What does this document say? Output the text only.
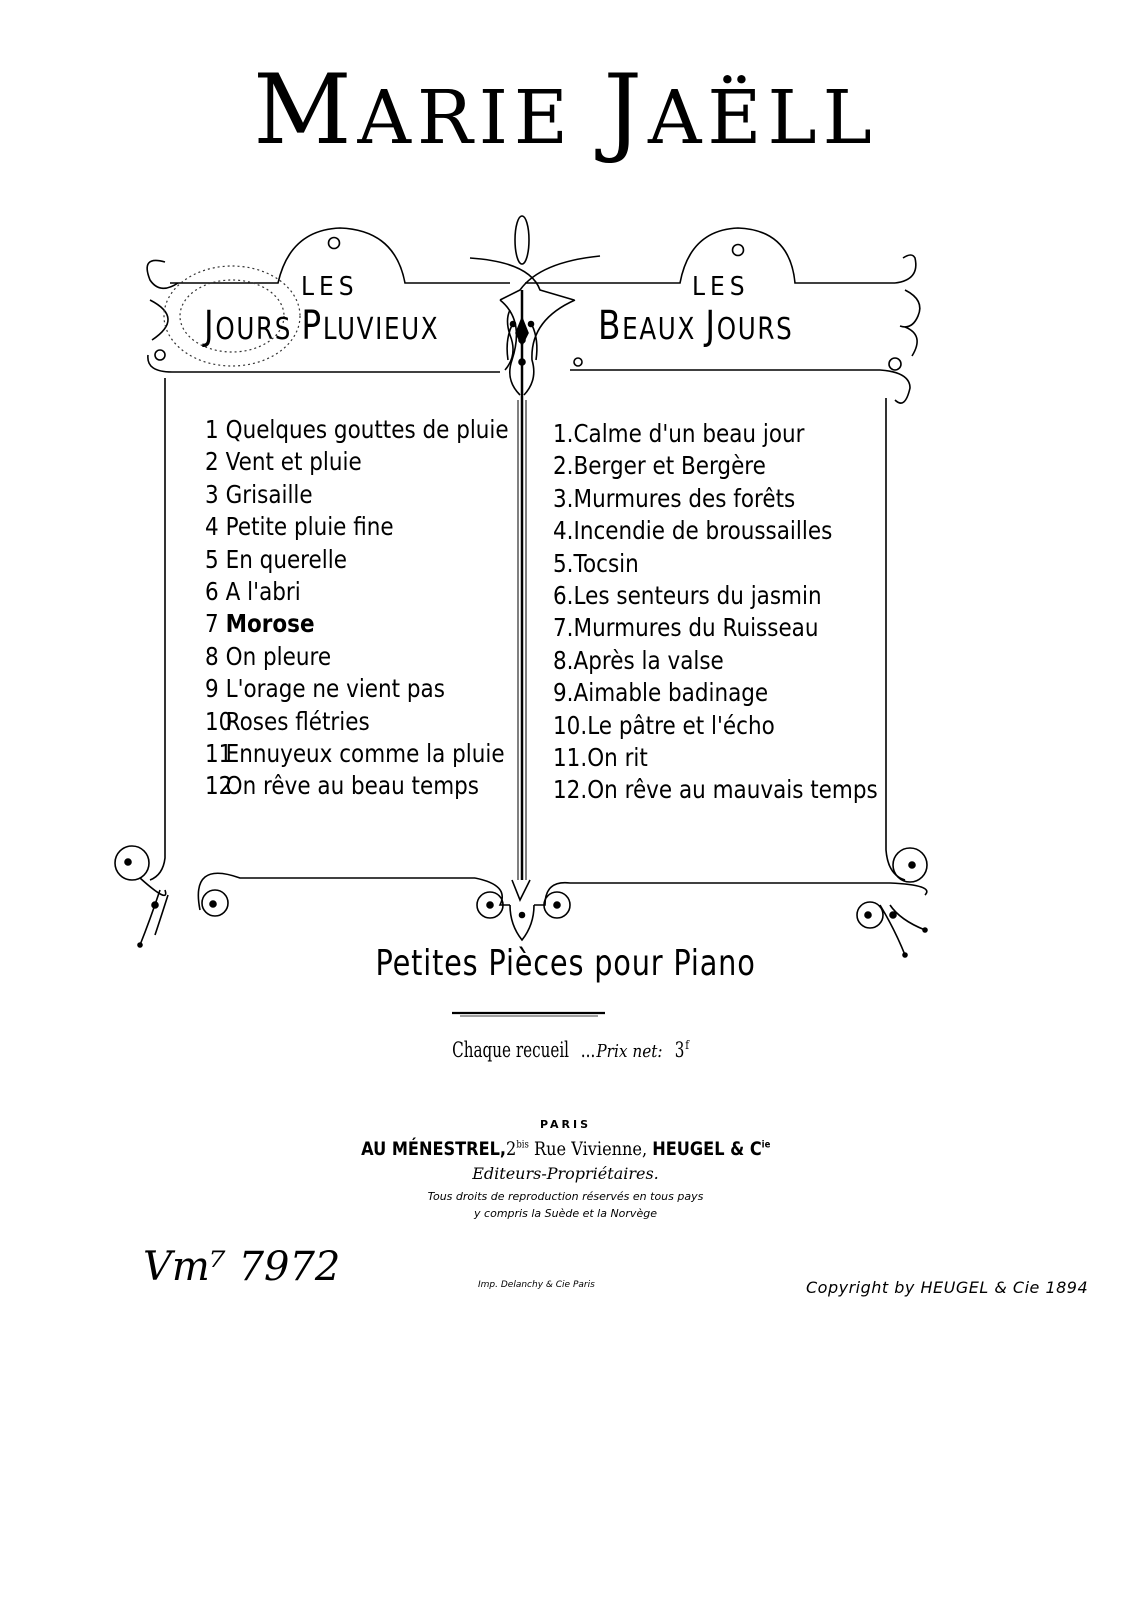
MARIE JAËLL
LES
JOURS PLUVIEUX
LES
BEAUX JOURS
1 Quelques gouttes de pluie
2 Vent et pluie
3 Grisaille
4 Petite pluie fine
5 En querelle
6 A l'abri
7 Morose
8 On pleure
9 L'orage ne vient pas
10
Roses flétries
11
Ennuyeux comme la pluie
12
On rêve au beau temps
1. Calme d'un beau jour
2. Berger et Bergère
3. Murmures des forêts
4. Incendie de broussailles
5. Tocsin
6. Les senteurs du jasmin
7. Murmures du Ruisseau
8. Après la valse
9. Aimable badinage
10. Le pâtre et l'écho
11. On rit
12. On rêve au mauvais temps
Petites Pièces pour Piano
Chaque recueil ...Prix net: 3$^f$
PARIS
AU $MÉNESTREL,2^{bis}$ Rue Vivienne, HEUGEL & $C^{ie}$
Editeurs-Propriétaires.
Tous droits de reproduction réservés en tous pays
y compris la Suède et la Norvège
Vm⁷ 7972	Imp. Delanchy & Cie Paris	Copyright by HEUGEL & Cie 1894
